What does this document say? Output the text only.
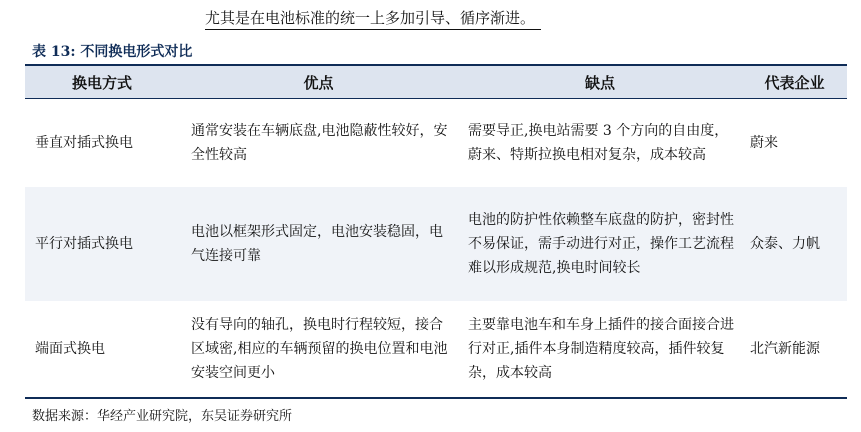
尤其是在电池标准的统一上多加引导、循序渐进。
表 13: 不同换电形式对比
换电方式	优点	缺点	代表企业
垂直对插式换电	通常安装在车辆底盘,电池隐蔽性较好，安全性较高	需要导正,换电站需要 3 个方向的自由度，蔚来、特斯拉换电相对复杂，成本较高	蔚来
平行对插式换电	电池以框架形式固定，电池安装稳固，电气连接可靠	电池的防护性依赖整车底盘的防护，密封性不易保证，需手动进行对正，操作工艺流程难以形成规范,换电时间较长	众泰、力帆
端面式换电	没有导向的轴孔，换电时行程较短，接合区域密,相应的车辆预留的换电位置和电池安装空间更小	主要靠电池车和车身上插件的接合面接合进行对正,插件本身制造精度较高，插件较复杂，成本较高	北汽新能源
数据来源：华经产业研究院，东吴证券研究所
